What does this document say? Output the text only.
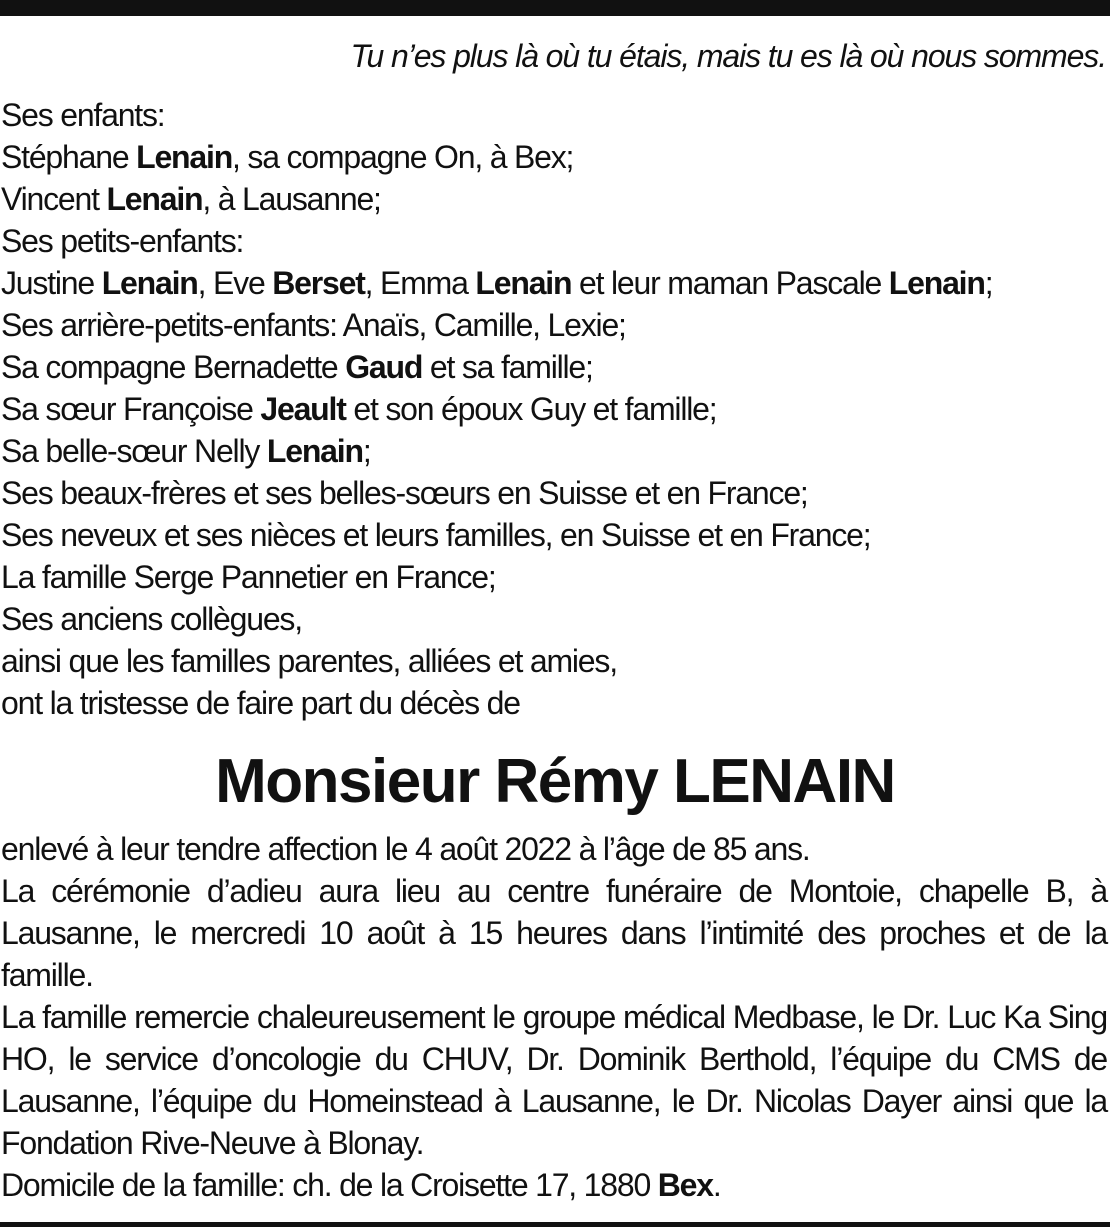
Tu n’es plus là où tu étais, mais tu es là où nous sommes.
Ses enfants:
Stéphane Lenain, sa compagne On, à Bex;
Vincent Lenain, à Lausanne;
Ses petits-enfants:
Justine Lenain, Eve Berset, Emma Lenain et leur maman Pascale Lenain;
Ses arrière-petits-enfants: Anaïs, Camille, Lexie;
Sa compagne Bernadette Gaud et sa famille;
Sa sœur Françoise Jeault et son époux Guy et famille;
Sa belle-sœur Nelly Lenain;
Ses beaux-frères et ses belles-sœurs en Suisse et en France;
Ses neveux et ses nièces et leurs familles, en Suisse et en France;
La famille Serge Pannetier en France;
Ses anciens collègues,
ainsi que les familles parentes, alliées et amies,
ont la tristesse de faire part du décès de
Monsieur Rémy LENAIN

enlevé à leur tendre affection le 4 août 2022 à l’âge de 85 ans.

La cérémonie d’adieu aura lieu au centre funéraire de Montoie, chapelle B, à Lausanne, le mercredi 10 août à 15 heures dans l’intimité des proches et de la famille.

La famille remercie chaleureusement le groupe médical Medbase, le Dr. Luc Ka Sing HO, le service d’oncologie du CHUV, Dr. Dominik Berthold, l’équipe du CMS de Lausanne, l’équipe du Homeinstead à Lausanne, le Dr. Nicolas Dayer ainsi que la Fondation Rive-Neuve à Blonay.

Domicile de la famille: ch. de la Croisette 17, 1880 Bex.
